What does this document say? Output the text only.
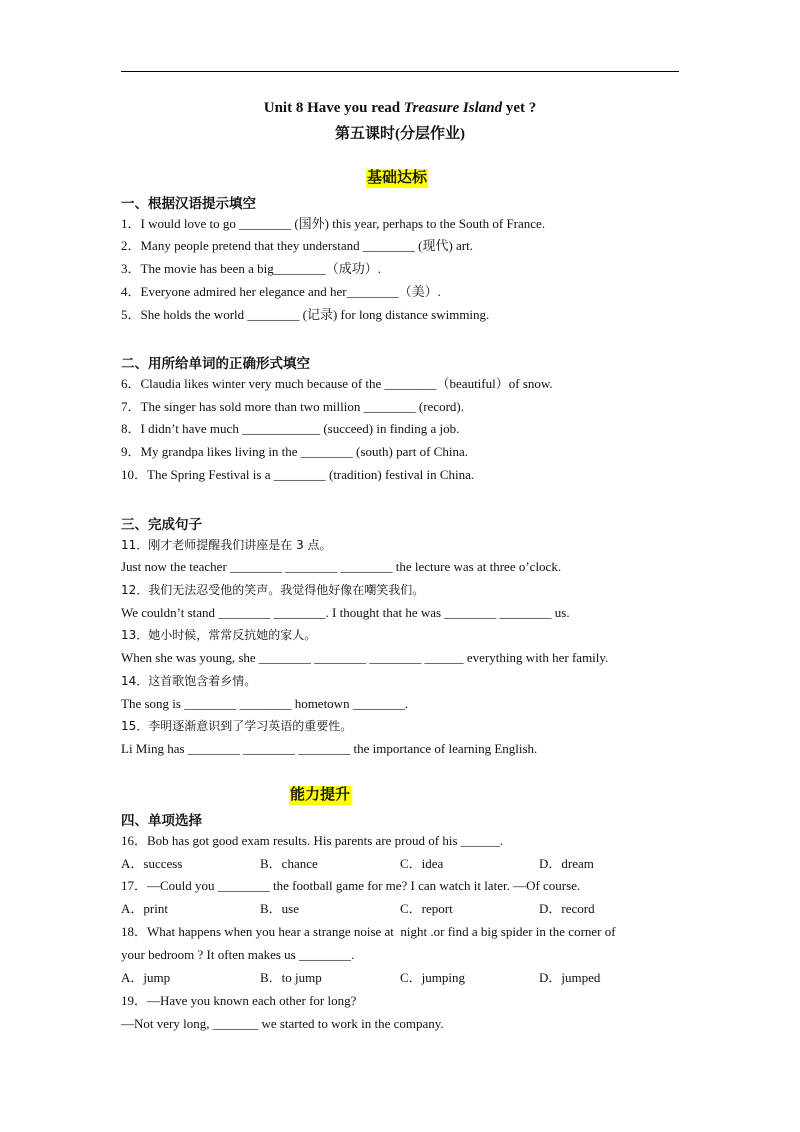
Unit 8 Have you read Treasure Island yet ?
第五课时(分层作业)
基础达标
一、根据汉语提示填空
1．I would love to go ________ (国外) this year, perhaps to the South of France.
2．Many people pretend that they understand ________ (现代) art.
3．The movie has been a big________（成功）.
4．Everyone admired her elegance and her________（美）.
5．She holds the world ________ (记录) for long distance swimming.
二、用所给单词的正确形式填空
6．Claudia likes winter very much because of the ________（beautiful）of snow.
7．The singer has sold more than two million ________ (record).
8．I didn’t have much ____________ (succeed) in finding a job.
9．My grandpa likes living in the ________ (south) part of China.
10．The Spring Festival is a ________ (tradition) festival in China.
三、完成句子
11．刚才老师提醒我们讲座是在 3 点。
Just now the teacher ________ ________ ________ the lecture was at three o’clock.
12．我们无法忍受他的笑声。我觉得他好像在嘲笑我们。
We couldn’t stand ________ ________. I thought that he was ________ ________ us.
13．她小时候，常常反抗她的家人。
When she was young, she ________ ________ ________ ______ everything with her family.
14．这首歌饱含着乡情。
The song is ________ ________ hometown ________.
15．李明逐渐意识到了学习英语的重要性。
Li Ming has ________ ________ ________ the importance of learning English.
能力提升
四、单项选择
16．Bob has got good exam results. His parents are proud of his ______.
A．success	B．chance	C．idea	D．dream
17．—Could you ________ the football game for me? I can watch it later. —Of course.
A．print	B．use	C．report	D．record
18．What happens when you hear a strange noise at  night .or find a big spider in the corner of
your bedroom ? It often makes us ________.
A．jump	B．to jump	C．jumping	D．jumped
19．—Have you known each other for long?
—Not very long, _______ we started to work in the company.
